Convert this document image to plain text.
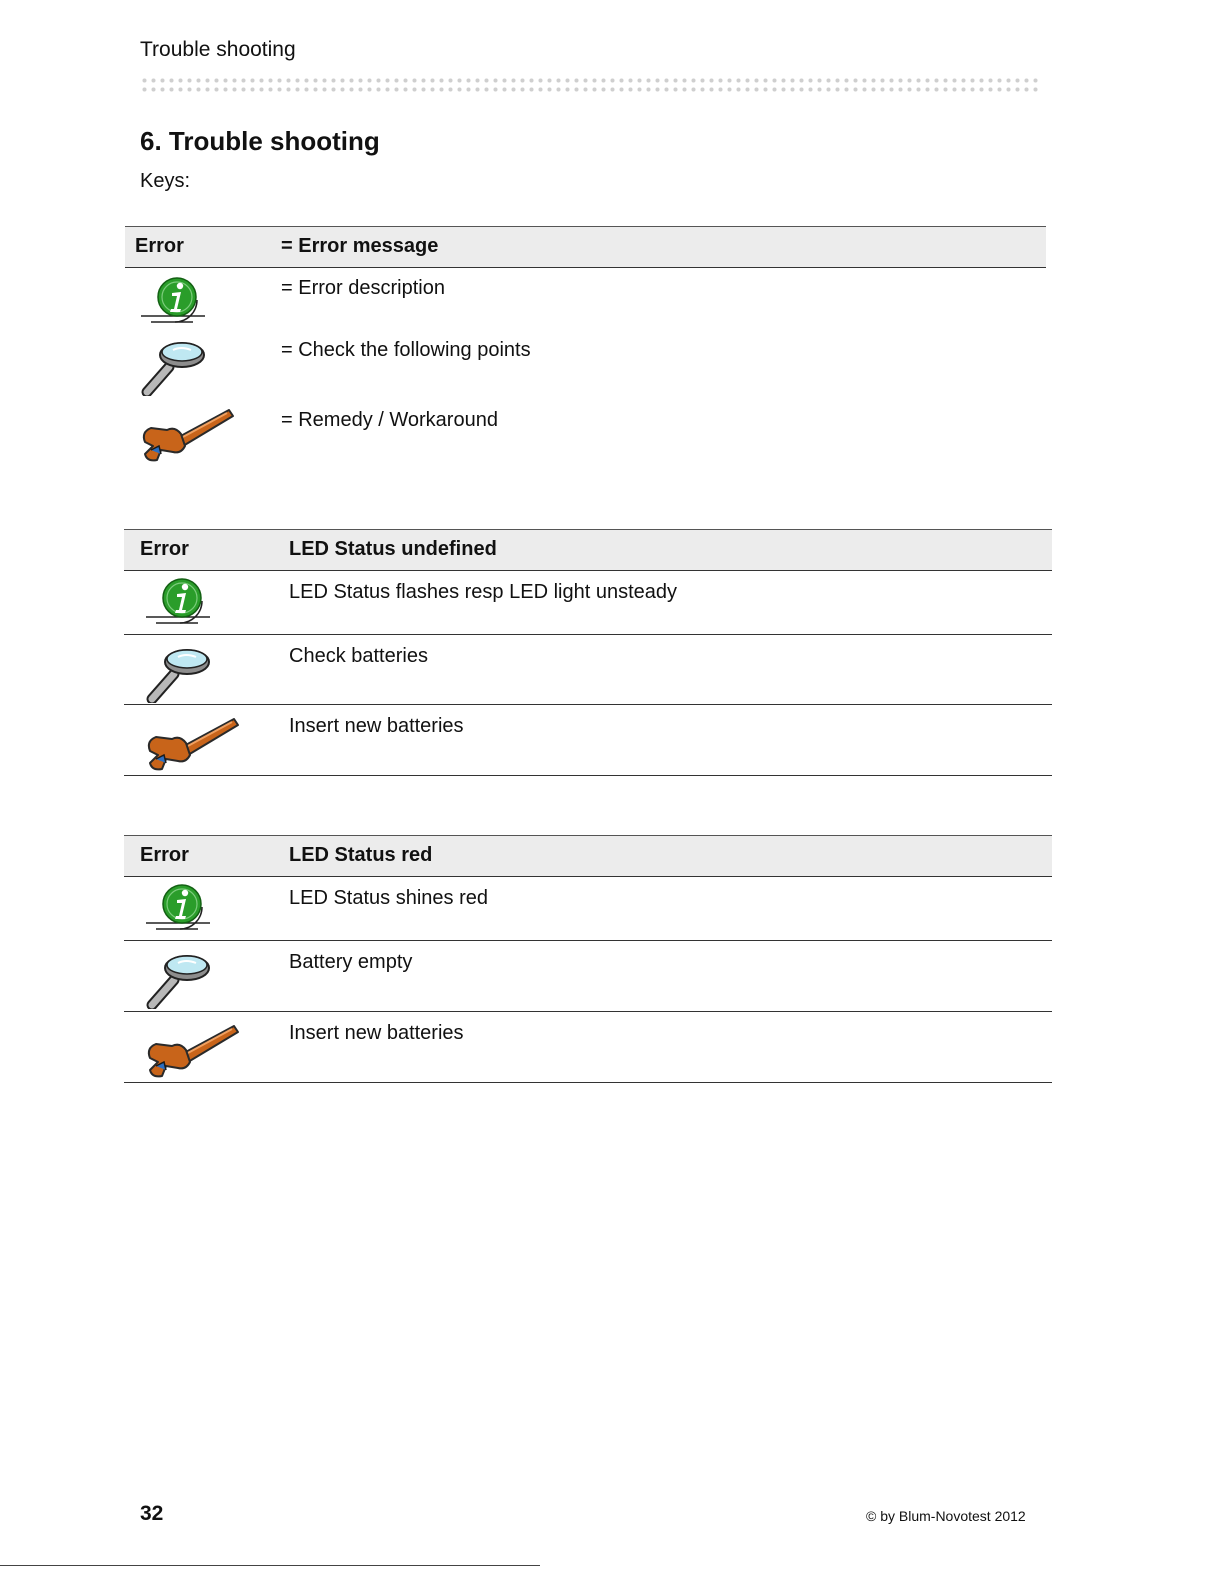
Trouble shooting
6. Trouble shooting
Keys:
Error	= Error message
= Error description
= Check the following points
= Remedy / Workaround
Error	LED Status undefined
LED Status flashes resp LED light unsteady
Check batteries
Insert new batteries
Error	LED Status red
LED Status shines red
Battery empty
Insert new batteries
32	© by Blum-Novotest 2012
